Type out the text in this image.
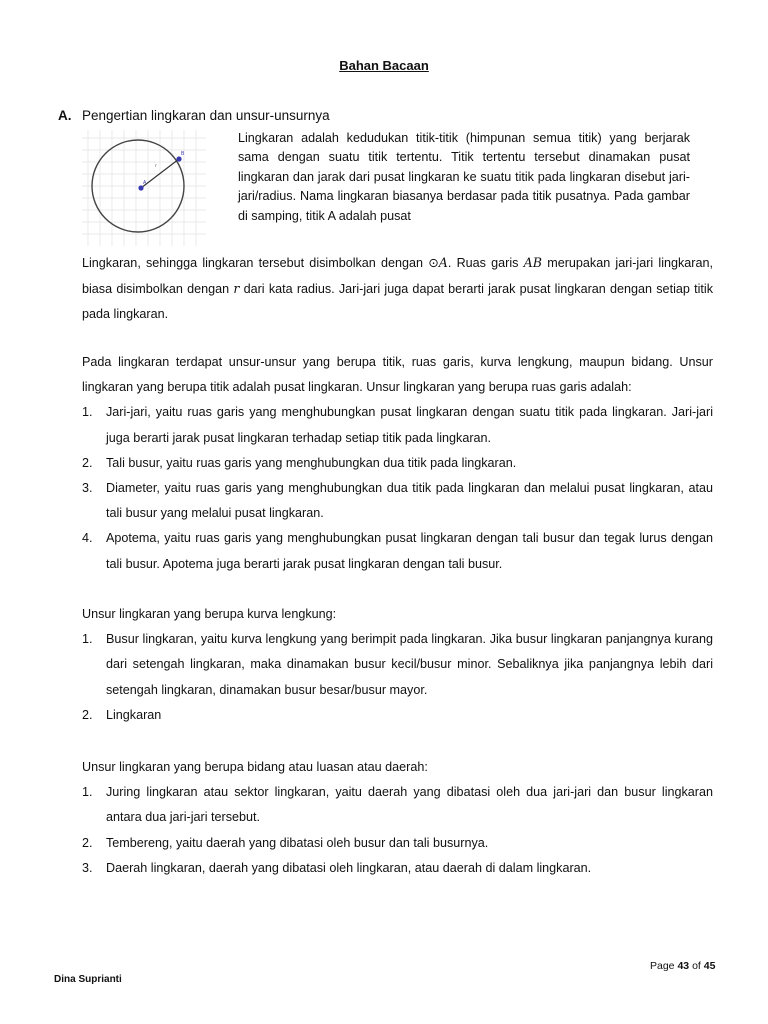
Bahan Bacaan
A. Pengertian lingkaran dan unsur-unsurnya
A
B
r
Lingkaran adalah kedudukan titik-titik (himpunan semua titik) yang berjarak sama dengan suatu titik tertentu. Titik tertentu tersebut dinamakan pusat lingkaran dan jarak dari pusat lingkaran ke suatu titik pada lingkaran disebut jari-jari/radius. Nama lingkaran biasanya berdasar pada titik pusatnya. Pada gambar di samping, titik A adalah pusat
Lingkaran, sehingga lingkaran tersebut disimbolkan dengan ⊙A. Ruas garis AB merupakan jari-jari lingkaran, biasa disimbolkan dengan r dari kata radius. Jari-jari juga dapat berarti jarak pusat lingkaran dengan setiap titik pada lingkaran.
Pada lingkaran terdapat unsur-unsur yang berupa titik, ruas garis, kurva lengkung, maupun bidang. Unsur lingkaran yang berupa titik adalah pusat lingkaran. Unsur lingkaran yang berupa ruas garis adalah:
1. Jari-jari, yaitu ruas garis yang menghubungkan pusat lingkaran dengan suatu titik pada lingkaran. Jari-jari juga berarti jarak pusat lingkaran terhadap setiap titik pada lingkaran.
2. Tali busur, yaitu ruas garis yang menghubungkan dua titik pada lingkaran.
3. Diameter, yaitu ruas garis yang menghubungkan dua titik pada lingkaran dan melalui pusat lingkaran, atau tali busur yang melalui pusat lingkaran.
4. Apotema, yaitu ruas garis yang menghubungkan pusat lingkaran dengan tali busur dan tegak lurus dengan tali busur. Apotema juga berarti jarak pusat lingkaran dengan tali busur.
Unsur lingkaran yang berupa kurva lengkung:
1. Busur lingkaran, yaitu kurva lengkung yang berimpit pada lingkaran. Jika busur lingkaran panjangnya kurang dari setengah lingkaran, maka dinamakan busur kecil/busur minor. Sebaliknya jika panjangnya lebih dari setengah lingkaran, dinamakan busur besar/busur mayor.
2. Lingkaran
Unsur lingkaran yang berupa bidang atau luasan atau daerah:
1. Juring lingkaran atau sektor lingkaran, yaitu daerah yang dibatasi oleh dua jari-jari dan busur lingkaran antara dua jari-jari tersebut.
2. Tembereng, yaitu daerah yang dibatasi oleh busur dan tali busurnya.
3. Daerah lingkaran, daerah yang dibatasi oleh lingkaran, atau daerah di dalam lingkaran.
Page 43 of 45
Dina Suprianti
